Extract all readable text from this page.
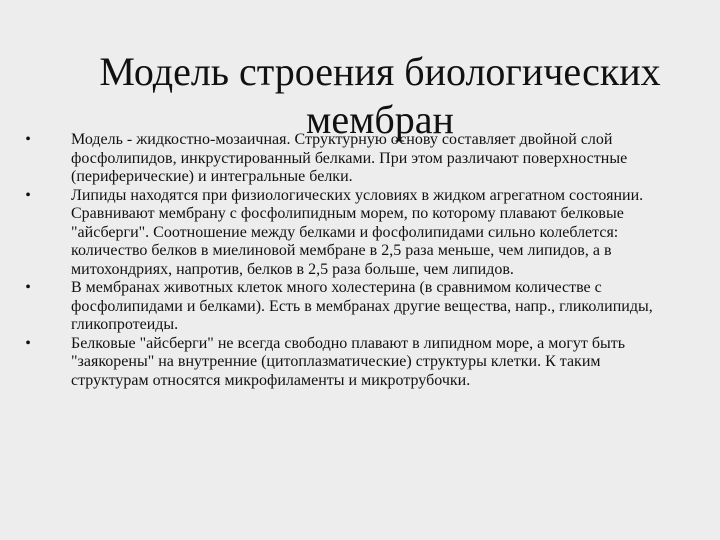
Модель строения биологических мембран
•	Модель - жидкостно-мозаичная. Структурную основу составляет двойной слой фосфолипидов, инкрустированный белками. При этом различают поверхностные (периферические) и интегральные белки.
•	Липиды находятся при физиологических условиях в жидком агрегатном состоянии. Сравнивают мембрану с фосфолипидным морем, по которому плавают белковые "айсберги". Соотношение между белками и фосфолипидами сильно колеблется: количество белков в миелиновой мембране в 2,5 раза меньше, чем липидов, а в митохондриях, напротив, белков в 2,5 раза больше, чем липидов.
•	В мембранах животных клеток много холестерина (в сравнимом количестве с фосфолипидами и белками). Есть в мембранах другие вещества, напр., гликолипиды, гликопротеиды.
•	Белковые "айсберги" не всегда свободно плавают в липидном море, а могут быть "заякорены" на внутренние (цитоплазматические) структуры клетки. К таким структурам относятся микрофиламенты и микротрубочки.
